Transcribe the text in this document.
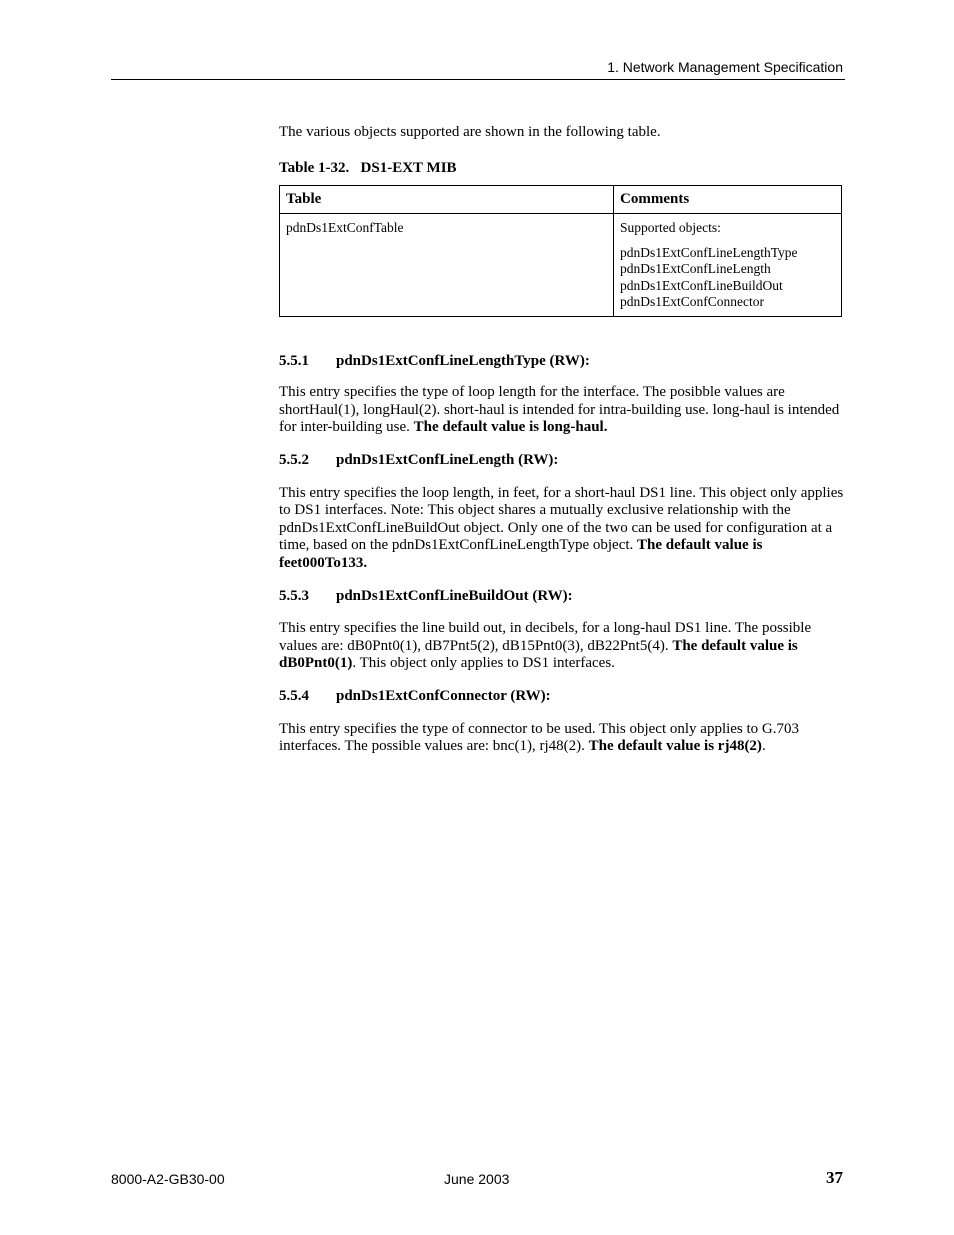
1. Network Management Specification

The various objects supported are shown in the following table.

Table 1-32.   DS1-EXT MIB

Table	Comments
pdnDs1ExtConfTable	Supported objects:

pdnDs1ExtConfLineLengthType

pdnDs1ExtConfLineLength

pdnDs1ExtConfLineBuildOut

pdnDs1ExtConfConnector

5.5.1	pdnDs1ExtConfLineLengthType (RW):

This entry specifies the type of loop length for the interface. The posibble values are shortHaul(1), longHaul(2). short-haul is intended for intra-building use. long-haul is intended for inter-building use. The default value is long-haul.

5.5.2	pdnDs1ExtConfLineLength (RW):

This entry specifies the loop length, in feet, for a short-haul DS1 line. This object only applies to DS1 interfaces. Note: This object shares a mutually exclusive relationship with the pdnDs1ExtConfLineBuildOut object. Only one of the two can be used for configuration at a time, based on the pdnDs1ExtConfLineLengthType object. The default value is feet000To133.

5.5.3	pdnDs1ExtConfLineBuildOut (RW):

This entry specifies the line build out, in decibels, for a long-haul DS1 line. The possible values are: dB0Pnt0(1), dB7Pnt5(2), dB15Pnt0(3), dB22Pnt5(4). The default value is dB0Pnt0(1). This object only applies to DS1 interfaces.

5.5.4	pdnDs1ExtConfConnector (RW):

This entry specifies the type of connector to be used. This object only applies to G.703 interfaces. The possible values are: bnc(1), rj48(2). The default value is rj48(2).

8000-A2-GB30-00	June 2003	37
